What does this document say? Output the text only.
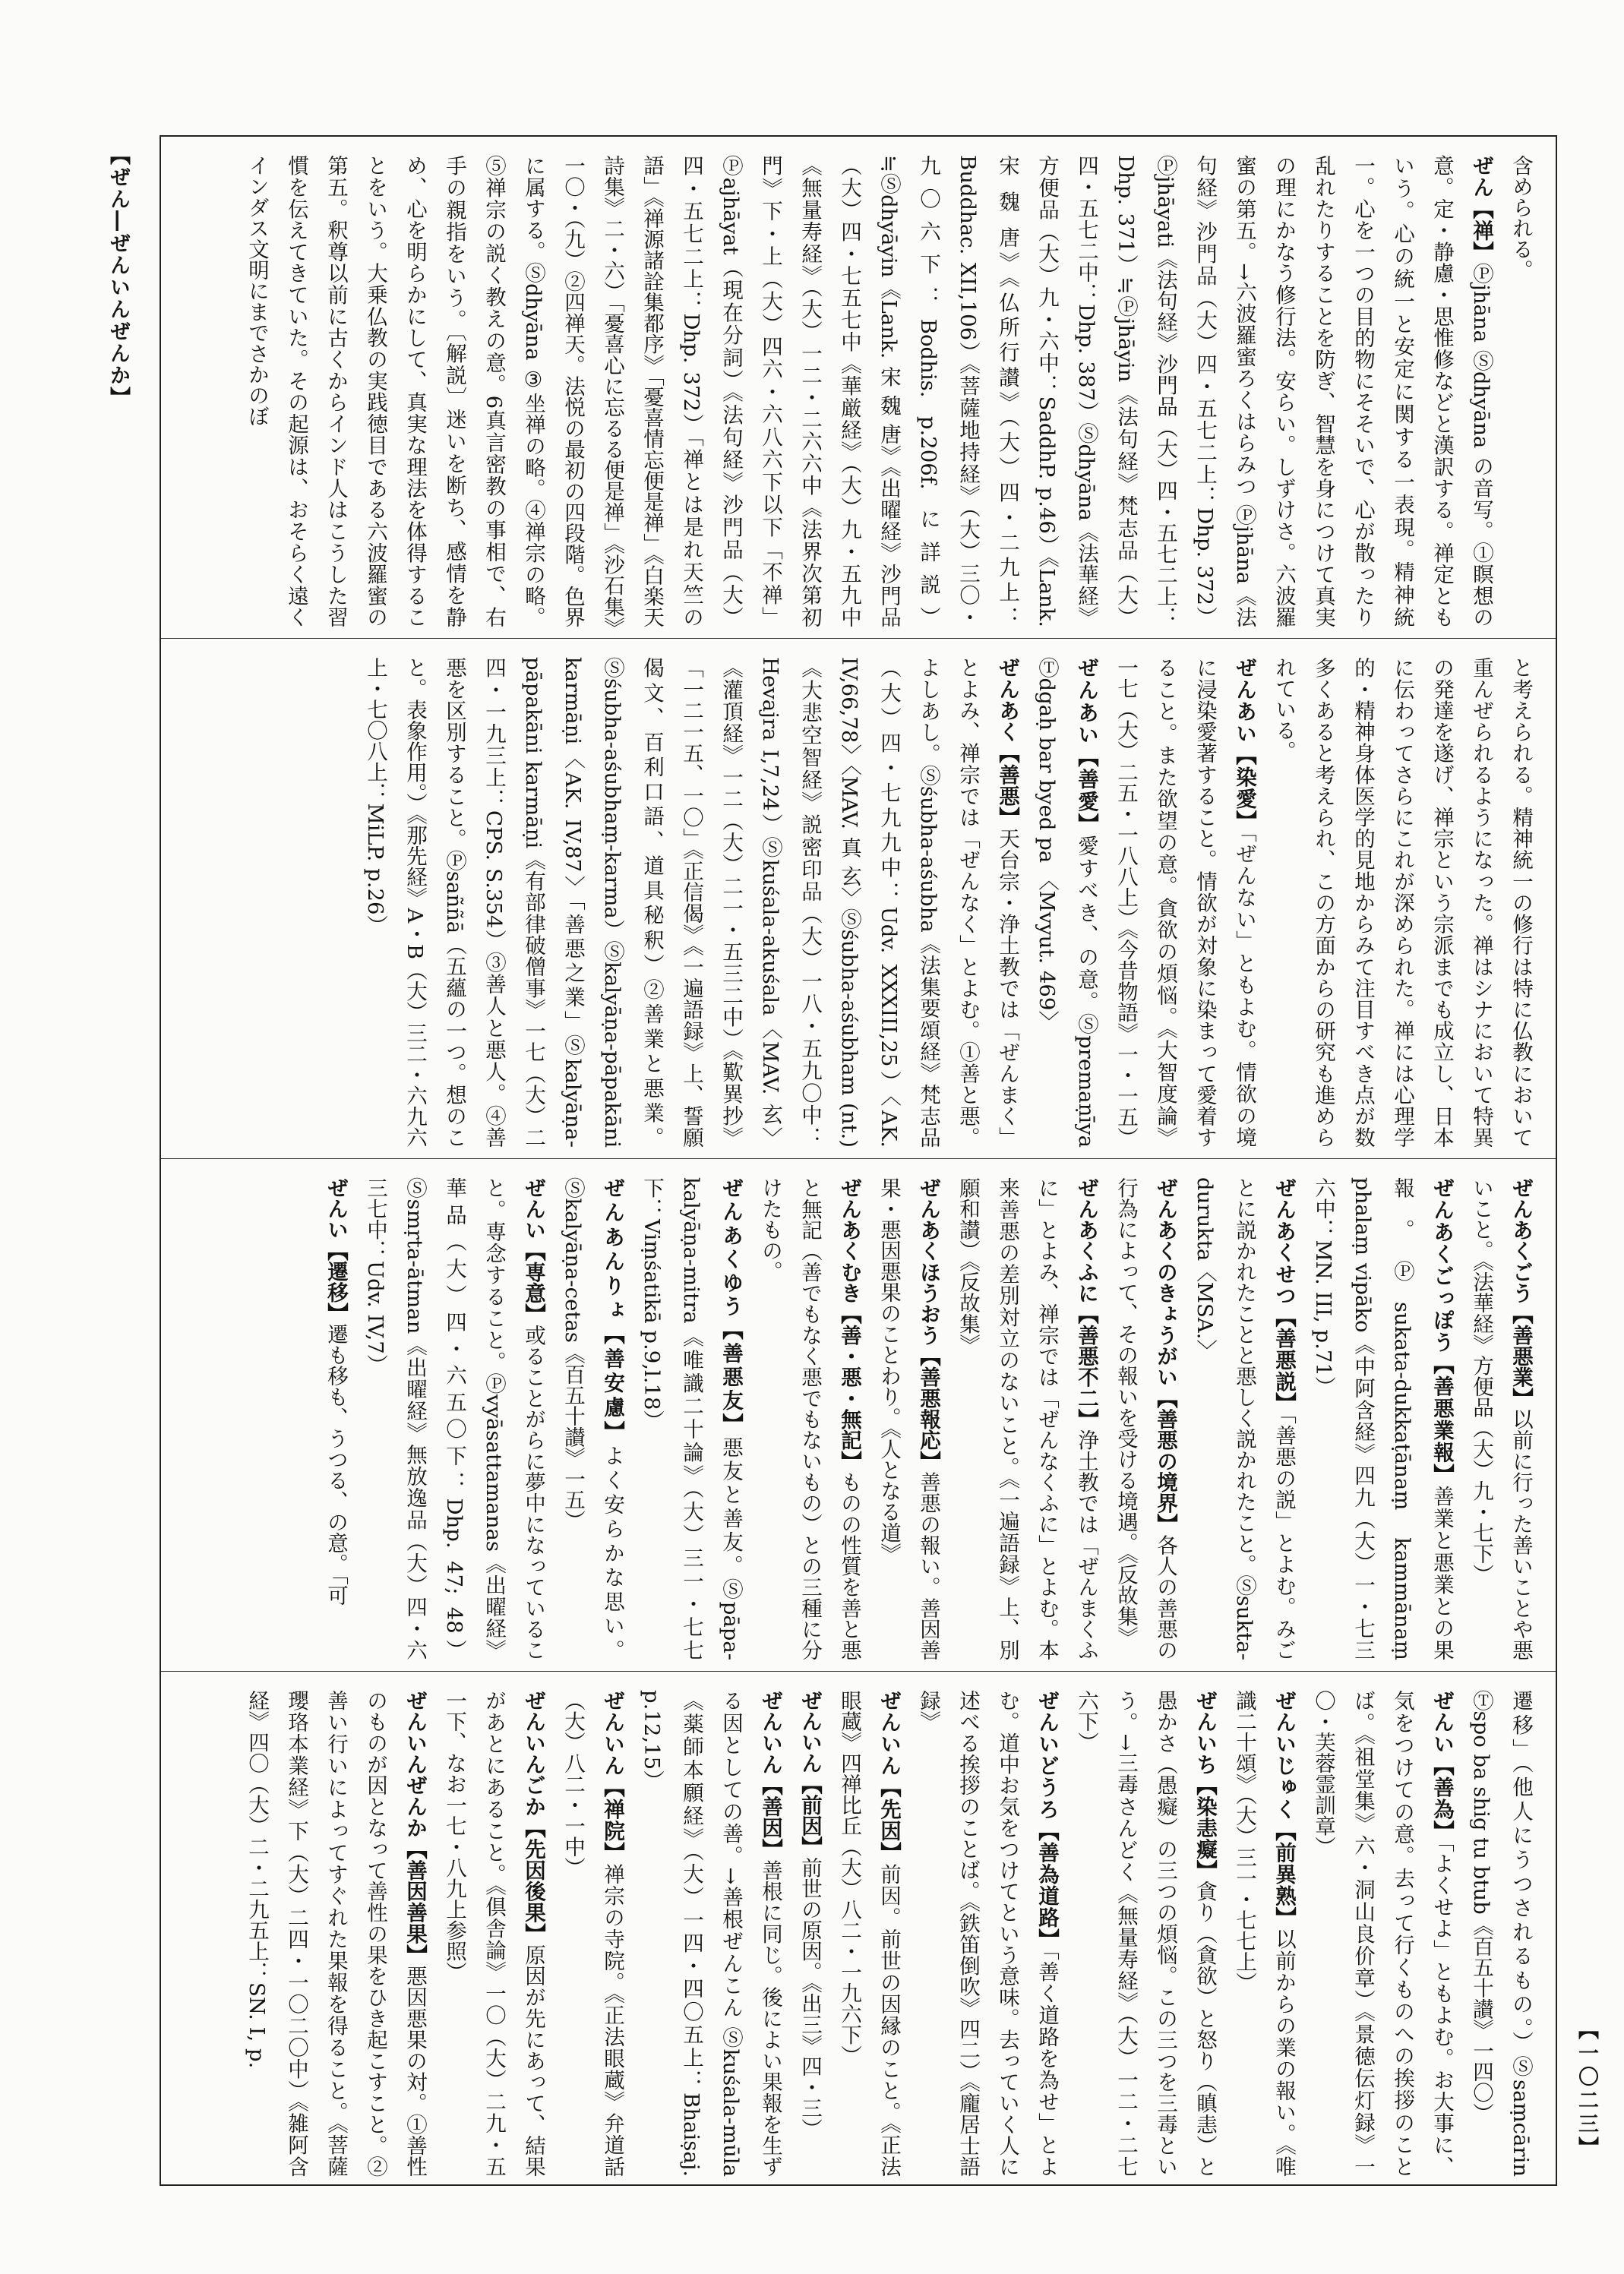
【ぜん―ぜんいんぜんか】	含められる。

ぜん【禅】Ⓟjhāna Ⓢdhyāna の音写。①瞑想の意。定・静慮・思惟修などと漢訳する。禅定ともいう。心の統一と安定に関する一表現。精神統一。心を一つの目的物にそそいで、心が散ったり乱れたりすることを防ぎ、智慧を身につけて真実の理にかなう修行法。安らい。しずけさ。六波羅蜜の第五。→六波羅蜜ろくはらみつ Ⓟjhāna《法句経》沙門品（大）四・五七二上：Dhp. 372）Ⓟjhāyati《法句経》沙門品（大）四・五七二上：Dhp. 371）≒Ⓟjhāyin《法句経》梵志品（大）四・五七二中：Dhp. 387）Ⓢdhyāna《法華経》方便品（大）九・六中：SaddhP. p.46）《Lank. 宋 魏 唐》《仏所行讃》（大）四・二九上：Buddhac. XII,106）《菩薩地持経》（大）三〇・九〇六下：Bodhis. p.206f. に詳説）≒Ⓢdhyāyin《Lank. 宋 魏 唐》《出曜経》沙門品（大）四・七五七中《華厳経》（大）九・五九中《無量寿経》（大）一二・二六六中《法界次第初門》下・上（大）四六・六八六下以下「不禅」Ⓟajhāyat（現在分詞）《法句経》沙門品（大）四・五七二上：Dhp. 372）「禅とは是れ天竺の語」《禅源諸詮集都序》「憂喜情忘便是禅」《白楽天詩集》二・六）「憂喜心に忘るる便是禅」《沙石集》一〇・（九）②四禅天。法悦の最初の四段階。色界に属する。Ⓢdhyāna ③坐禅の略。④禅宗の略。⑤禅宗の説く教えの意。6真言密教の事相で、右手の親指をいう。〔解説〕迷いを断ち、感情を静め、心を明らかにして、真実な理法を体得することをいう。大乗仏教の実践徳目である六波羅蜜の第五。釈尊以前に古くからインド人はこうした習慣を伝えてきていた。その起源は、おそらく遠くインダス文明にまでさかのぼ

と考えられる。精神統一の修行は特に仏教において重んぜられるようになった。禅はシナにおいて特異の発達を遂げ、禅宗という宗派までも成立し、日本に伝わってさらにこれが深められた。禅には心理学的・精神身体医学的見地からみて注目すべき点が数多くあると考えられ、この方面からの研究も進められている。

ぜんあい【染愛】「ぜんない」ともよむ。情欲の境に浸染愛著すること。情欲が対象に染まって愛着すること。また欲望の意。貪欲の煩悩。《大智度論》一七（大）二五・一八八上）《今昔物語》一・一五）

ぜんあい【善愛】愛すべき、の意。Ⓢpremaṇīya Ⓣdgaḥ bar byed pa 〈Mvyut. 469〉

ぜんあく【善悪】天台宗・浄土教では「ぜんまく」とよみ、禅宗では「ぜんなく」とよむ。①善と悪。よしあし。Ⓢśubha-aśubha《法集要頌経》梵志品（大）四・七九九中：Udv. XXXIII,25）〈AK. IV,66,78〉〈MAV. 真 玄〉Ⓢśubha-aśubham (nt.)《大悲空智経》説密印品（大）一八・五九〇中：Hevajra I,7,24）Ⓢkuśala-akuśala〈MAV. 玄〉《灌頂経》一二（大）二一・五三二中）《歎異抄》「一二一五、一〇」《正信偈》《一遍語録》上、誓願偈文、百利口語、道具秘釈）②善業と悪業。Ⓢśubha-aśubhaṃ-karma）Ⓢkalyāṇa-pāpakāni karmāṇi〈AK. IV,87〉「善悪之業」Ⓢkalyāṇa-pāpakāni karmāṇi《有部律破僧事》一七（大）二四・一九三上：CPS. S.354）③善人と悪人。④善悪を区別すること。Ⓟsaññā（五蘊の一つ。想のこと。表象作用。）《那先経》A・B（大）三二・六九六上・七〇八上：MiLP. p.26）

ぜんあくごう【善悪業】以前に行った善いことや悪いこと。《法華経》方便品（大）九・七下）

ぜんあくごっぽう【善悪業報】善業と悪業との果報。Ⓟsukata-dukkaṭānaṃ kammānaṃ phalaṃ vipāko《中阿含経》四九（大）一・七三六中：MN. III, p.71）

ぜんあくせつ【善悪説】「善悪の説」とよむ。みごとに説かれたことと悪しく説かれたこと。Ⓢsukta-durukta〈MSA.〉

ぜんあくのきょうがい【善悪の境界】各人の善悪の行為によって、その報いを受ける境遇。《反故集》

ぜんあくふに【善悪不二】浄土教では「ぜんまくふに」とよみ、禅宗では「ぜんなくふに」とよむ。本来善悪の差別対立のないこと。《一遍語録》上、別願和讃）《反故集》

ぜんあくほうおう【善悪報応】善悪の報い。善因善果・悪因悪果のことわり。《人となる道》

ぜんあくむき【善・悪・無記】ものの性質を善と悪と無記（善でもなく悪でもないもの）との三種に分けたもの。

ぜんあくゆう【善悪友】悪友と善友。Ⓢpāpa-kalyāṇa-mitra《唯識二十論》（大）三一・七七下：Viṃśatikā p.9,l.18）

ぜんあんりょ【善安慮】よく安らかな思い。Ⓢkalyāṇa-cetas《百五十讃》一五）

ぜんい【専意】或ることがらに夢中になっていること。専念すること。Ⓟvyāsattamanas《出曜経》華品（大）四・六五〇下：Dhp. 47; 48）Ⓢsmṛta-ātman《出曜経》無放逸品（大）四・六三七中：Udv. IV,7）

ぜんい【遷移】遷も移も、うつる、の意。「可

遷移」（他人にうつされるもの。）Ⓢsaṃcārin Ⓣspo ba shig tu btub《百五十讃》一四〇）

ぜんい【善為】「よくせよ」ともよむ。お大事に、気をつけての意。去って行くものへの挨拶のことば。《祖堂集》六・洞山良价章）《景徳伝灯録》一〇・芙蓉霊訓章）

ぜんいじゅく【前異熟】以前からの業の報い。《唯識二十頌》（大）三一・七七上）

ぜんいち【染恚癡】貪り（貪欲）と怒り（瞋恚）と愚かさ（愚癡）の三つの煩悩。この三つを三毒という。→三毒さんどく《無量寿経》（大）一二・二七六下）

ぜんいどうろ【善為道路】「善く道路を為せ」とよむ。道中お気をつけてという意味。去っていく人に述べる挨拶のことば。《鉄笛倒吹》四二）《龐居士語録》

ぜんいん【先因】前因。前世の因縁のこと。《正法眼蔵》四禅比丘（大）八二・一九六下）

ぜんいん【前因】前世の原因。《出三》四・三）

ぜんいん【善因】善根に同じ。後によい果報を生ずる因としての善。→善根ぜんこん Ⓢkuśala-mūla《薬師本願経》（大）一四・四〇五上：Bhaiṣaj. p.12,15）

ぜんいん【禅院】禅宗の寺院。《正法眼蔵》弁道話（大）八二・一中）

ぜんいんごか【先因後果】原因が先にあって、結果があとにあること。《倶舎論》一〇（大）二九・五一下、なお一七・八九上参照）

ぜんいんぜんか【善因善果】悪因悪果の対。①善性のものが因となって善性の果をひき起こすこと。②善い行いによってすぐれた果報を得ること。《菩薩瓔珞本業経》下（大）二四・一〇二〇中）《雑阿含経》四〇（大）二・二九五上：SN. I, p.

【一〇二三】
